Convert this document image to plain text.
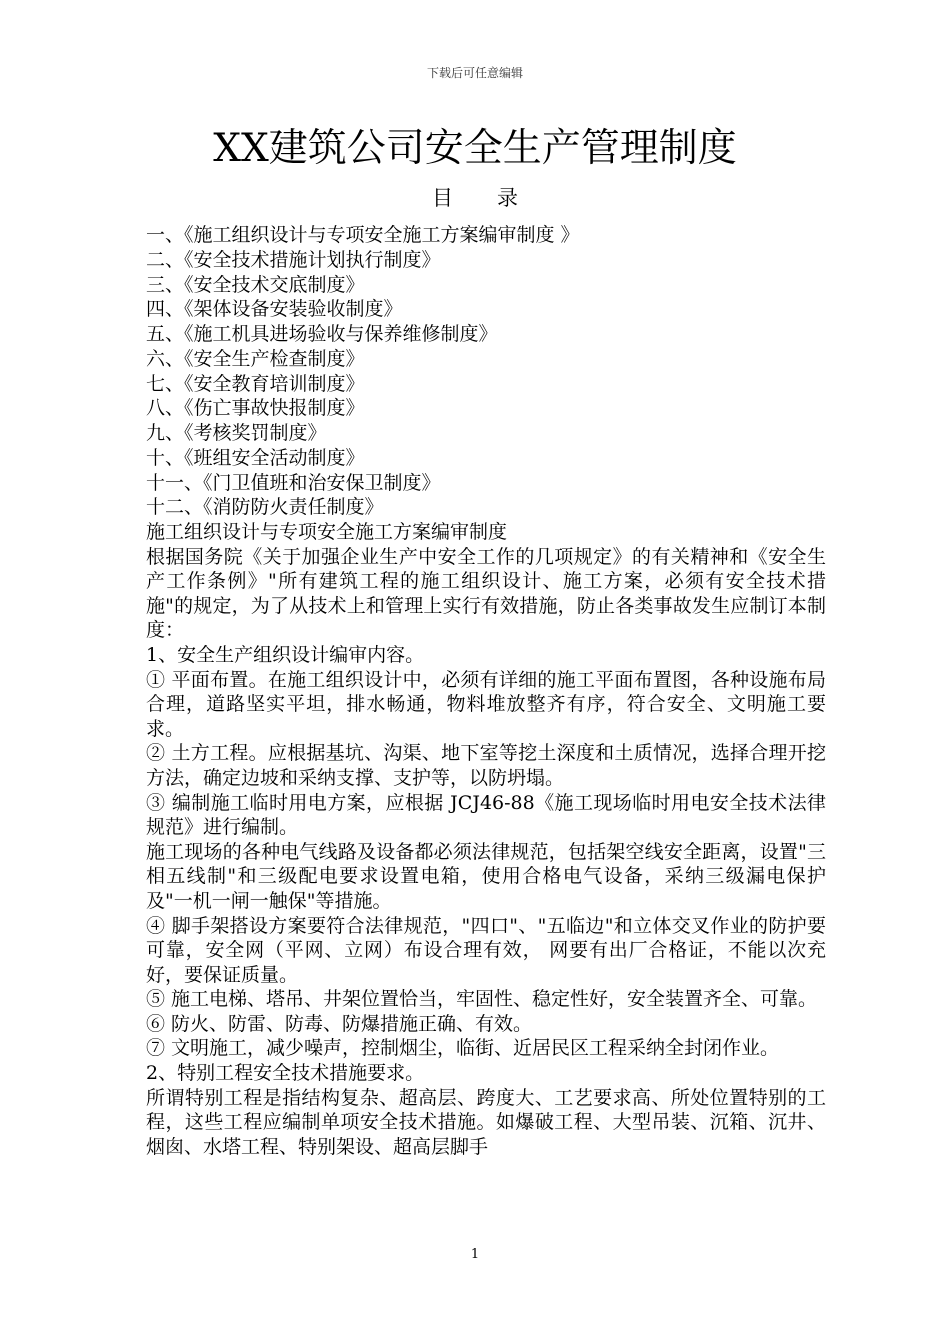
下载后可任意编辑
XX建筑公司安全生产管理制度
目 录
一、《施工组织设计与专项安全施工方案编审制度 》
二、《安全技术措施计划执行制度》
三、《安全技术交底制度》
四、《架体设备安装验收制度》
五、《施工机具进场验收与保养维修制度》
六、《安全生产检查制度》
七、《安全教育培训制度》
八、《伤亡事故快报制度》
九、《考核奖罚制度》
十、《班组安全活动制度》
十一、《门卫值班和治安保卫制度》
十二、《消防防火责任制度》

施工组织设计与专项安全施工方案编审制度

根据国务院《关于加强企业生产中安全工作的几项规定》的有关精神和《安全生产工作条例》"所有建筑工程的施工组织设计、施工方案，必须有安全技术措施"的规定，为了从技术上和管理上实行有效措施，防止各类事故发生应制订本制度：

1、安全生产组织设计编审内容。

① 平面布置。在施工组织设计中，必须有详细的施工平面布置图，各种设施布局合理，道路坚实平坦，排水畅通，物料堆放整齐有序，符合安全、文明施工要求。

② 土方工程。应根据基坑、沟渠、地下室等挖土深度和土质情况，选择合理开挖方法，确定边坡和采纳支撑、支护等，以防坍塌。

③ 编制施工临时用电方案，应根据 JCJ46-88《施工现场临时用电安全技术法律规范》进行编制。

施工现场的各种电气线路及设备都必须法律规范，包括架空线安全距离，设置"三相五线制"和三级配电要求设置电箱，使用合格电气设备，采纳三级漏电保护及"一机一闸一触保"等措施。

④ 脚手架搭设方案要符合法律规范，"四口"、"五临边"和立体交叉作业的防护要可靠，安全网（平网、立网）布设合理有效， 网要有出厂合格证，不能以次充好，要保证质量。

⑤ 施工电梯、塔吊、井架位置恰当，牢固性、稳定性好，安全装置齐全、可靠。

⑥ 防火、防雷、防毒、防爆措施正确、有效。

⑦ 文明施工，减少噪声，控制烟尘，临街、近居民区工程采纳全封闭作业。

2、特别工程安全技术措施要求。

所谓特别工程是指结构复杂、超高层、跨度大、工艺要求高、所处位置特别的工程，这些工程应编制单项安全技术措施。如爆破工程、大型吊装、沉箱、沉井、烟囱、水塔工程、特别架设、超高层脚手

1
